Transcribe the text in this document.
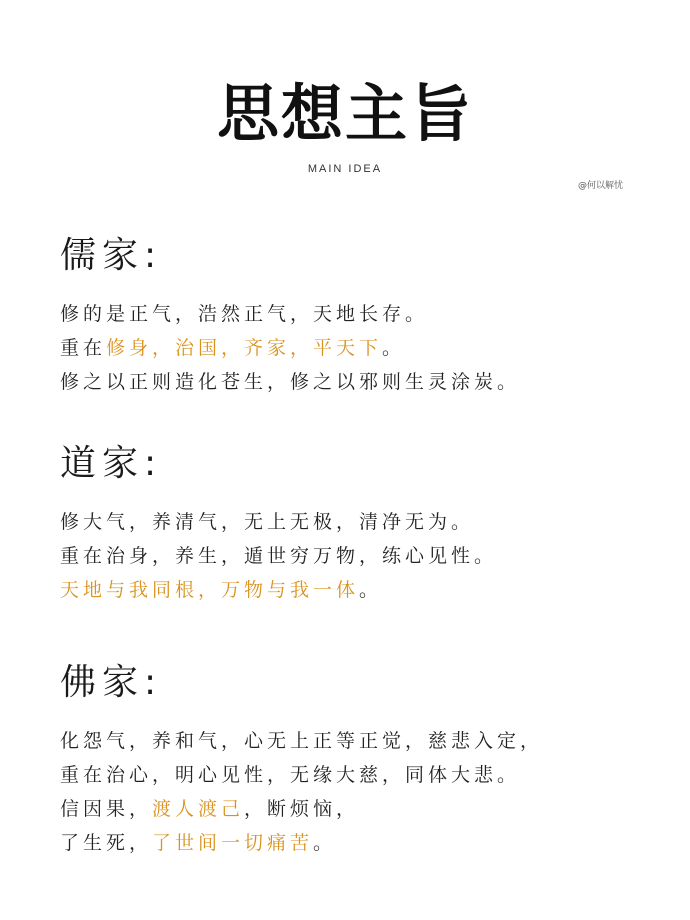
思想主旨
MAIN IDEA
@何以解忧
儒家:
修的是正气，浩然正气，天地长存。
重在修身，治国，齐家，平天下。
修之以正则造化苍生，修之以邪则生灵涂炭。
道家:
修大气，养清气，无上无极，清净无为。
重在治身，养生，遁世穷万物，练心见性。
天地与我同根，万物与我一体。
佛家:
化怨气，养和气，心无上正等正觉，慈悲入定，
重在治心，明心见性，无缘大慈，同体大悲。
信因果，渡人渡己，断烦恼，
了生死，了世间一切痛苦。
